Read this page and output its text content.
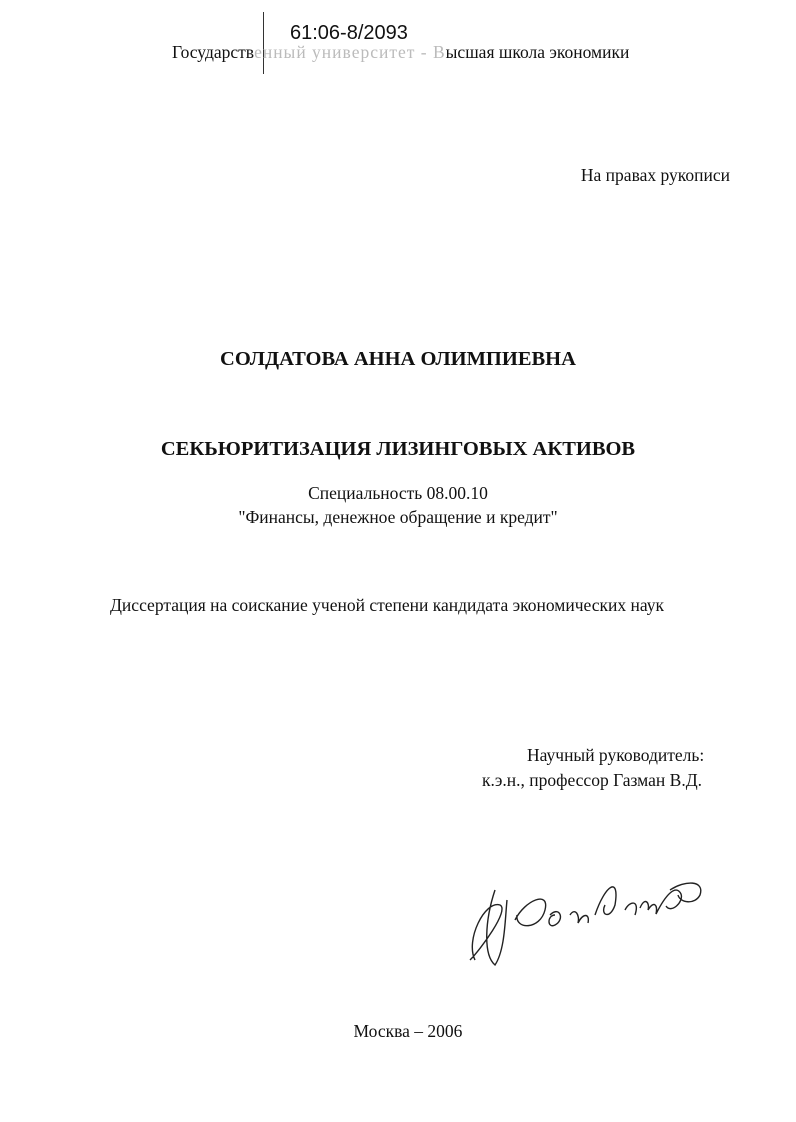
61:06-8/2093
Государственный университет - Высшая школа экономики
На правах рукописи
СОЛДАТОВА АННА ОЛИМПИЕВНА
СЕКЬЮРИТИЗАЦИЯ ЛИЗИНГОВЫХ АКТИВОВ
Специальность 08.00.10
"Финансы, денежное обращение и кредит"
Диссертация на соискание ученой степени кандидата экономических наук
Научный руководитель:
к.э.н., профессор Газман В.Д.
Москва – 2006
